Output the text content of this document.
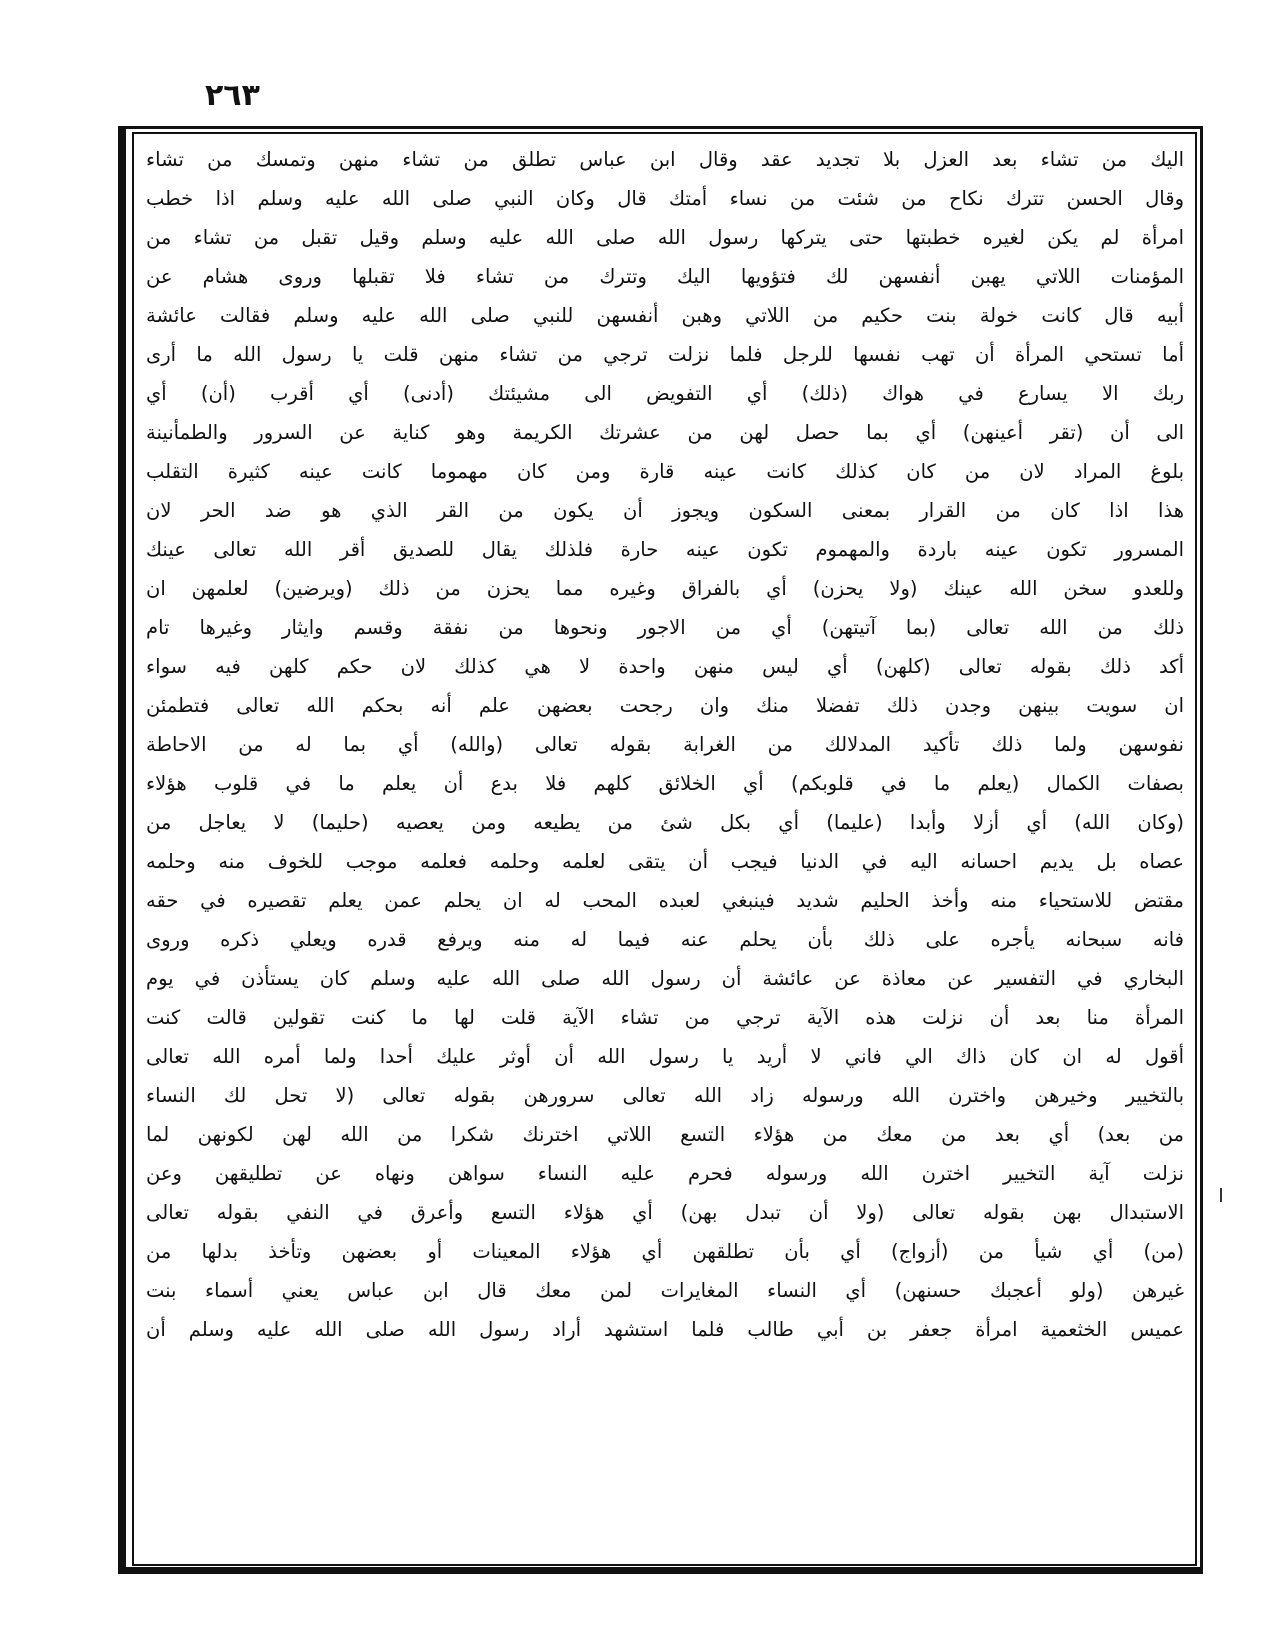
٢٦٣
اليك من تشاء بعد العزل بلا تجديد عقد وقال ابن عباس تطلق من تشاء منهن وتمسك من تشاء
وقال الحسن تترك نكاح من شئت من نساء أمتك قال وكان النبي صلى الله عليه وسلم اذا خطب
امرأة لم يكن لغيره خطبتها حتى يتركها رسول الله صلى الله عليه وسلم وقيل تقبل من تشاء من
المؤمنات اللاتي يهبن أنفسهن لك فتؤويها اليك وتترك من تشاء فلا تقبلها وروى هشام عن
أبيه قال كانت خولة بنت حكيم من اللاتي وهبن أنفسهن للنبي صلى الله عليه وسلم فقالت عائشة
أما تستحي المرأة أن تهب نفسها للرجل فلما نزلت ترجي من تشاء منهن قلت يا رسول الله ما أرى
ربك الا يسارع في هواك (ذلك) أي التفويض الى مشيئتك (أدنى) أي أقرب (أن) أي
الى أن (تقر أعينهن) أي بما حصل لهن من عشرتك الكريمة وهو كناية عن السرور والطمأنينة
بلوغ المراد لان من كان كذلك كانت عينه قارة ومن كان مهموما كانت عينه كثيرة التقلب
هذا اذا كان من القرار بمعنى السكون ويجوز أن يكون من القر الذي هو ضد الحر لان
المسرور تكون عينه باردة والمهموم تكون عينه حارة فلذلك يقال للصديق أقر الله تعالى عينك
وللعدو سخن الله عينك (ولا يحزن) أي بالفراق وغيره مما يحزن من ذلك (ويرضين) لعلمهن ان
ذلك من الله تعالى (بما آتيتهن) أي من الاجور ونحوها من نفقة وقسم وايثار وغيرها تام
أكد ذلك بقوله تعالى (كلهن) أي ليس منهن واحدة لا هي كذلك لان حكم كلهن فيه سواء
ان سويت بينهن وجدن ذلك تفضلا منك وان رجحت بعضهن علم أنه بحكم الله تعالى فتطمئن
نفوسهن ولما ذلك تأكيد المدلالك من الغرابة بقوله تعالى (والله) أي بما له من الاحاطة
بصفات الكمال (يعلم ما في قلوبكم) أي الخلائق كلهم فلا بدع أن يعلم ما في قلوب هؤلاء
(وكان الله) أي أزلا وأبدا (عليما) أي بكل شئ من يطيعه ومن يعصيه (حليما) لا يعاجل من
عصاه بل يديم احسانه اليه في الدنيا فيجب أن يتقى لعلمه وحلمه فعلمه موجب للخوف منه وحلمه
مقتض للاستحياء منه وأخذ الحليم شديد فينبغي لعبده المحب له ان يحلم عمن يعلم تقصيره في حقه
فانه سبحانه يأجره على ذلك بأن يحلم عنه فيما له منه ويرفع قدره ويعلي ذكره وروى
البخاري في التفسير عن معاذة عن عائشة أن رسول الله صلى الله عليه وسلم كان يستأذن في يوم
المرأة منا بعد أن نزلت هذه الآية ترجي من تشاء الآية قلت لها ما كنت تقولين قالت كنت
أقول له ان كان ذاك الي فاني لا أريد يا رسول الله أن أوثر عليك أحدا ولما أمره الله تعالى
بالتخيير وخيرهن واخترن الله ورسوله زاد الله تعالى سرورهن بقوله تعالى (لا تحل لك النساء
من بعد) أي بعد من معك من هؤلاء التسع اللاتي اخترنك شكرا من الله لهن لكونهن لما
نزلت آية التخيير اخترن الله ورسوله فحرم عليه النساء سواهن ونهاه عن تطليقهن وعن
الاستبدال بهن بقوله تعالى (ولا أن تبدل بهن) أي هؤلاء التسع وأعرق في النفي بقوله تعالى
(من) أي شيأ من (أزواج) أي بأن تطلقهن أي هؤلاء المعينات أو بعضهن وتأخذ بدلها من
غيرهن (ولو أعجبك حسنهن) أي النساء المغايرات لمن معك قال ابن عباس يعني أسماء بنت
عميس الخثعمية امرأة جعفر بن أبي طالب فلما استشهد أراد رسول الله صلى الله عليه وسلم أن
